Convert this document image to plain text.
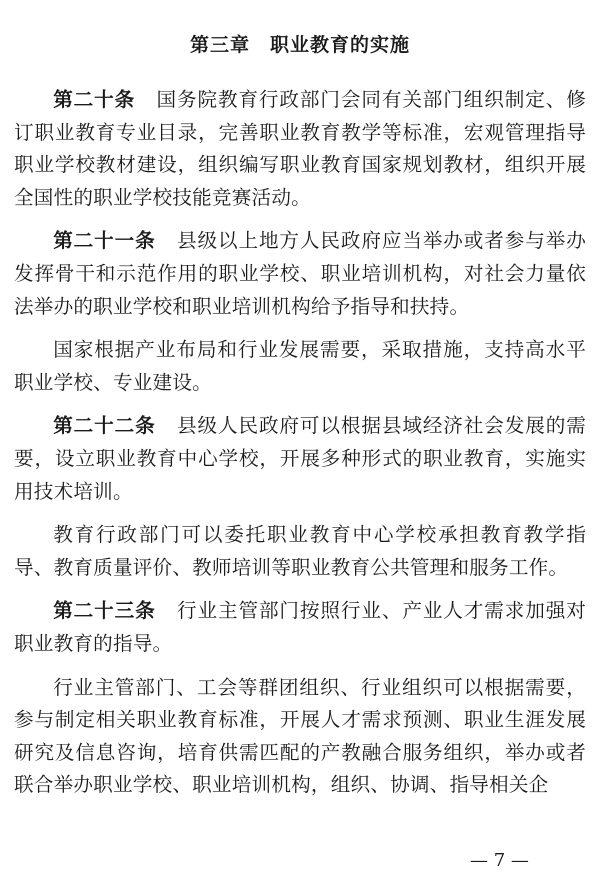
第三章　职业教育的实施

第二十条 国务院教育行政部门会同有关部门组织制定、修订职业教育专业目录，完善职业教育教学等标准，宏观管理指导职业学校教材建设，组织编写职业教育国家规划教材，组织开展全国性的职业学校技能竞赛活动。

第二十一条 县级以上地方人民政府应当举办或者参与举办发挥骨干和示范作用的职业学校、职业培训机构，对社会力量依法举办的职业学校和职业培训机构给予指导和扶持。

国家根据产业布局和行业发展需要，采取措施，支持高水平职业学校、专业建设。

第二十二条 县级人民政府可以根据县域经济社会发展的需要，设立职业教育中心学校，开展多种形式的职业教育，实施实用技术培训。

教育行政部门可以委托职业教育中心学校承担教育教学指导、教育质量评价、教师培训等职业教育公共管理和服务工作。

第二十三条 行业主管部门按照行业、产业人才需求加强对职业教育的指导。

行业主管部门、工会等群团组织、行业组织可以根据需要，参与制定相关职业教育标准，开展人才需求预测、职业生涯发展研究及信息咨询，培育供需匹配的产教融合服务组织，举办或者联合举办职业学校、职业培训机构，组织、协调、指导相关企

— 7 —
